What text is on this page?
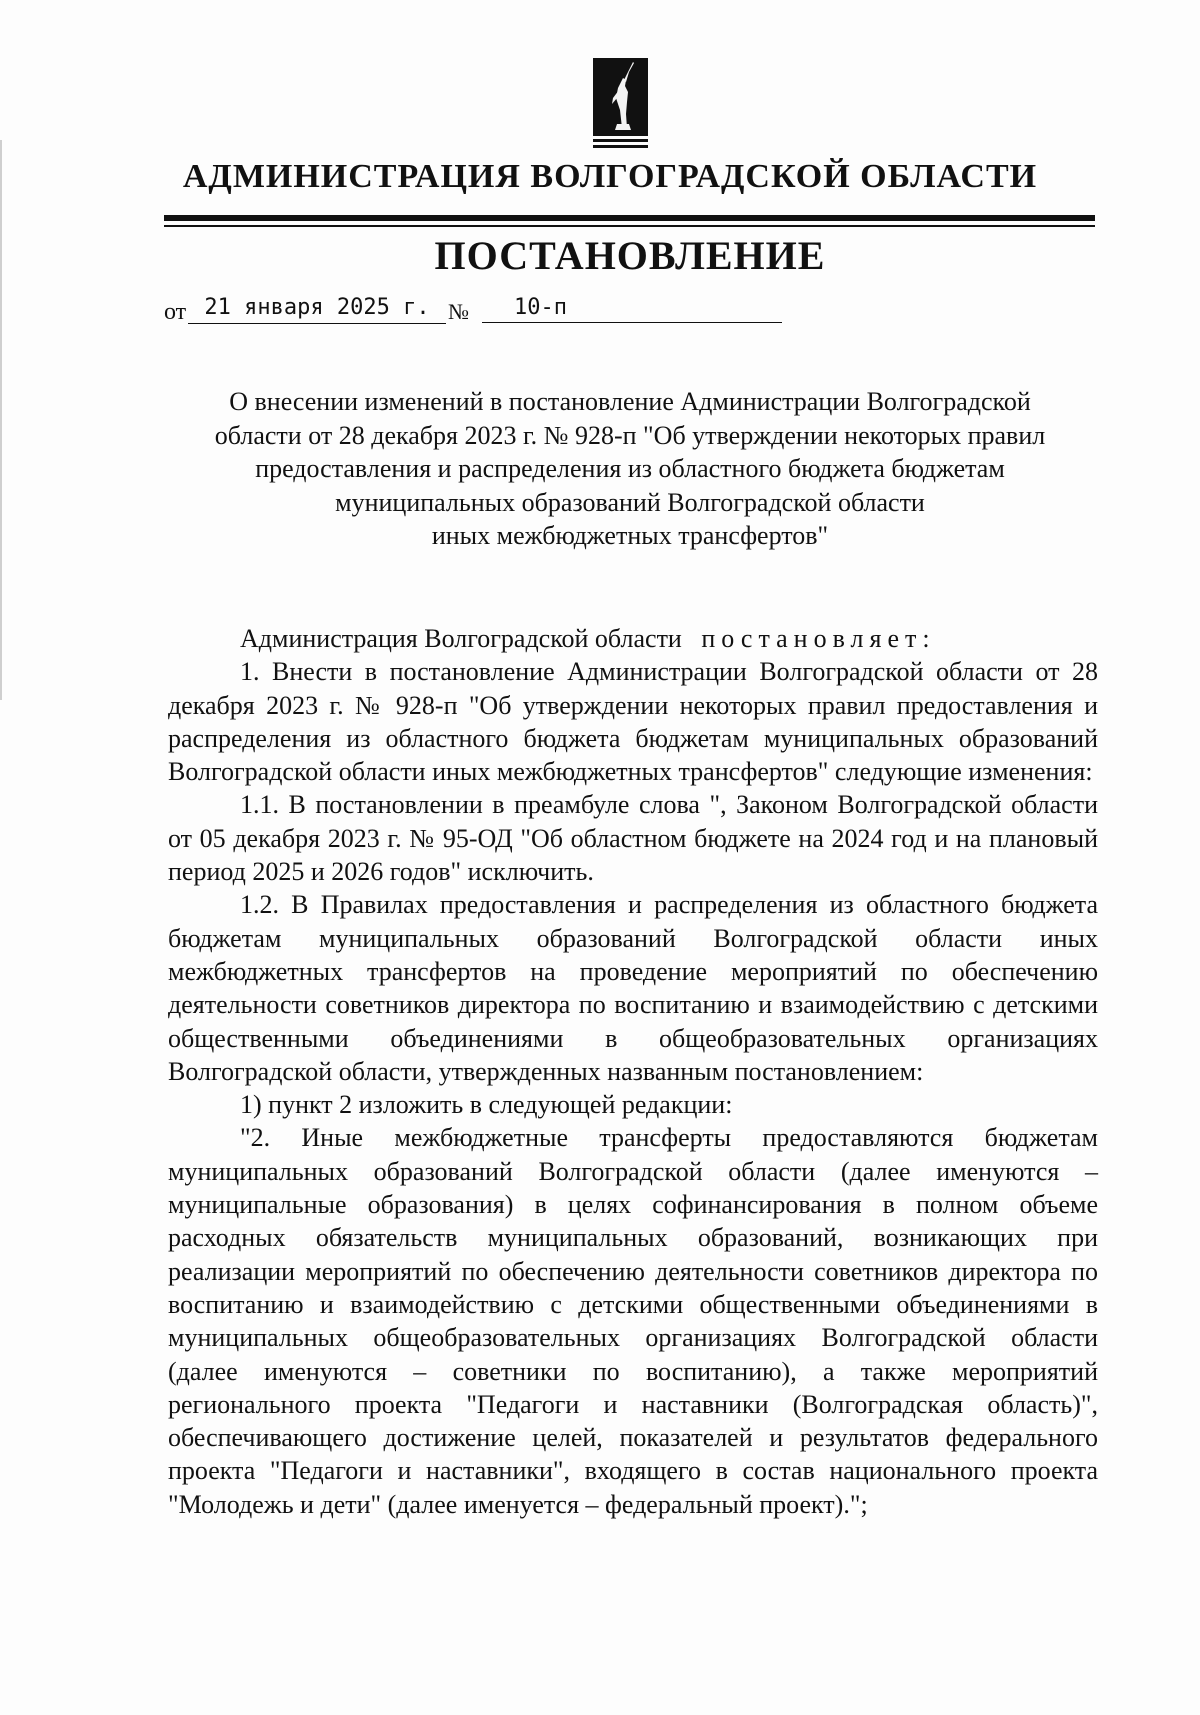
АДМИНИСТРАЦИЯ ВОЛГОГРАДСКОЙ ОБЛАСТИ
ПОСТАНОВЛЕНИЕ
от 21 января 2025 г. №	10-п
О внесении изменений в постановление Администрации Волгоградской
области от 28 декабря 2023 г. № 928-п "Об утверждении некоторых правил
предоставления и распределения из областного бюджета бюджетам
муниципальных образований Волгоградской области
иных межбюджетных трансфертов"

Администрация Волгоградской области постановляет:

1. Внести в постановление Администрации Волгоградской области от 28 декабря 2023 г. № 928-п "Об утверждении некоторых правил предоставления и распределения из областного бюджета бюджетам муниципальных образований Волгоградской области иных межбюджетных трансфертов" следующие изменения:

1.1. В постановлении в преамбуле слова ", Законом Волгоградской области от 05 декабря 2023 г. № 95-ОД "Об областном бюджете на 2024 год и на плановый период 2025 и 2026 годов" исключить.

1.2. В Правилах предоставления и распределения из областного бюджета бюджетам муниципальных образований Волгоградской области иных межбюджетных трансфертов на проведение мероприятий по обеспечению деятельности советников директора по воспитанию и взаимодействию с детскими общественными объединениями в общеобразовательных организациях Волгоградской области, утвержденных названным постановлением:

1) пункт 2 изложить в следующей редакции:

"2. Иные межбюджетные трансферты предоставляются бюджетам муниципальных образований Волгоградской области (далее именуются – муниципальные образования) в целях софинансирования в полном объеме расходных обязательств муниципальных образований, возникающих при реализации мероприятий по обеспечению деятельности советников директора по воспитанию и взаимодействию с детскими общественными объединениями в муниципальных общеобразовательных организациях Волгоградской области (далее именуются – советники по воспитанию), а также мероприятий регионального проекта "Педагоги и наставники (Волгоградская область)", обеспечивающего достижение целей, показателей и результатов федерального проекта "Педагоги и наставники", входящего в состав национального проекта "Молодежь и дети" (далее именуется – федеральный проект).";
